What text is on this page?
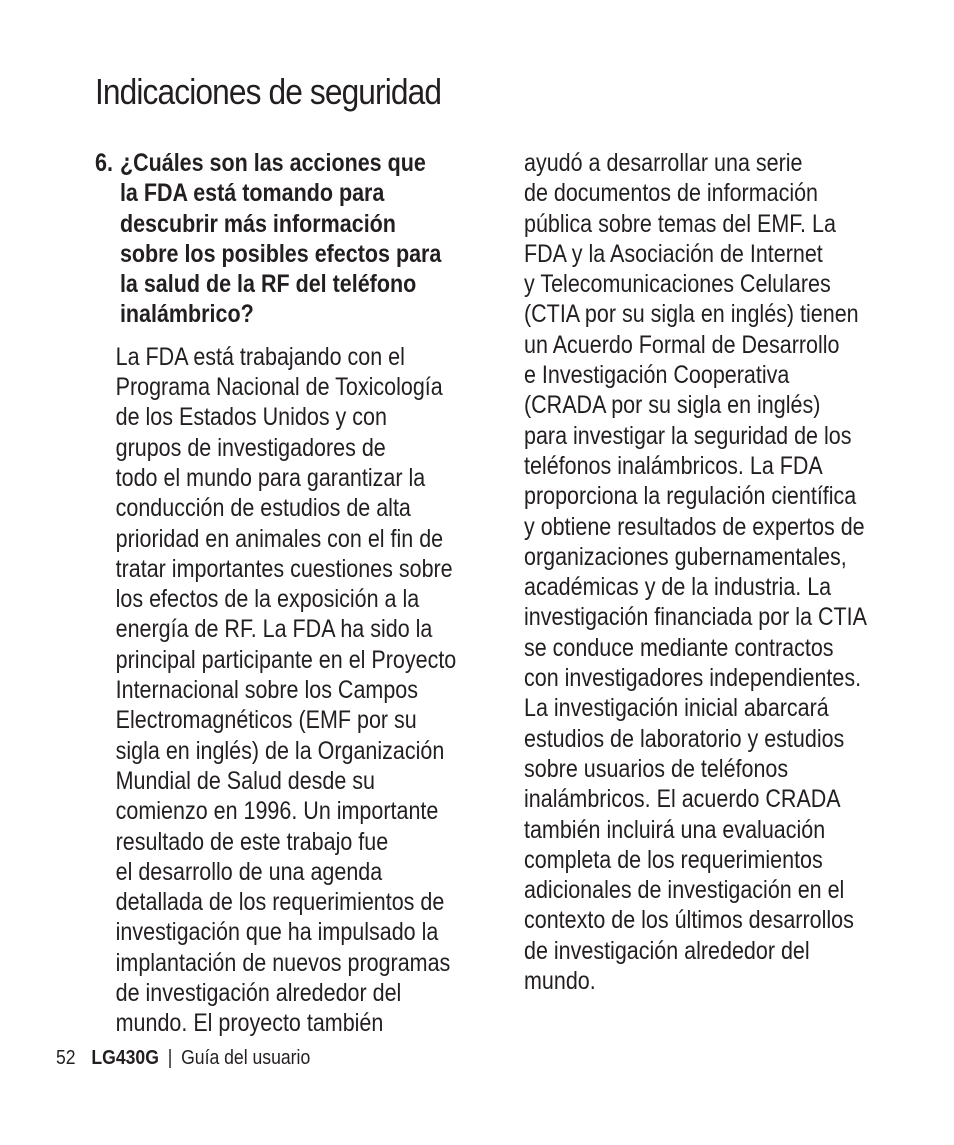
Indicaciones de seguridad
6. ¿Cuáles son las acciones que
la FDA está tomando para
descubrir más información
sobre los posibles efectos para
la salud de la RF del teléfono
inalámbrico?
La FDA está trabajando con el
Programa Nacional de Toxicología
de los Estados Unidos y con
grupos de investigadores de
todo el mundo para garantizar la
conducción de estudios de alta
prioridad en animales con el fin de
tratar importantes cuestiones sobre
los efectos de la exposición a la
energía de RF. La FDA ha sido la
principal participante en el Proyecto
Internacional sobre los Campos
Electromagnéticos (EMF por su
sigla en inglés) de la Organización
Mundial de Salud desde su
comienzo en 1996. Un importante
resultado de este trabajo fue
el desarrollo de una agenda
detallada de los requerimientos de
investigación que ha impulsado la
implantación de nuevos programas
de investigación alrededor del
mundo. El proyecto también
ayudó a desarrollar una serie
de documentos de información
pública sobre temas del EMF. La
FDA y la Asociación de Internet
y Telecomunicaciones Celulares
(CTIA por su sigla en inglés) tienen
un Acuerdo Formal de Desarrollo
e Investigación Cooperativa
(CRADA por su sigla en inglés)
para investigar la seguridad de los
teléfonos inalámbricos. La FDA
proporciona la regulación científica
y obtiene resultados de expertos de
organizaciones gubernamentales,
académicas y de la industria. La
investigación financiada por la CTIA
se conduce mediante contractos
con investigadores independientes.
La investigación inicial abarcará
estudios de laboratorio y estudios
sobre usuarios de teléfonos
inalámbricos. El acuerdo CRADA
también incluirá una evaluación
completa de los requerimientos
adicionales de investigación en el
contexto de los últimos desarrollos
de investigación alrededor del
mundo.
52 LG430G | Guía del usuario
